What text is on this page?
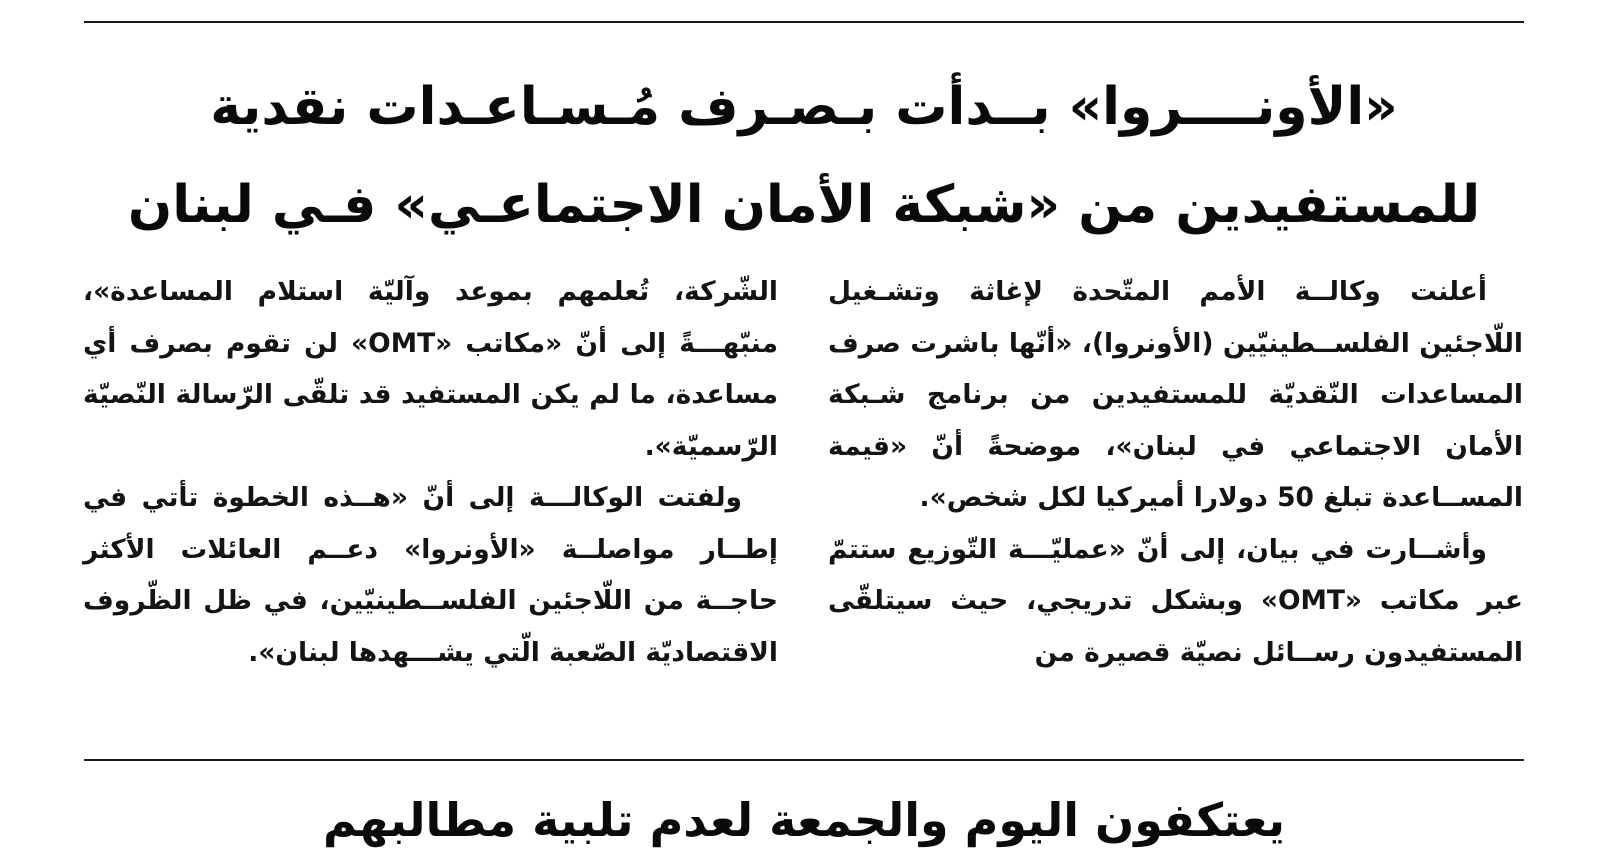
«الأونــــروا» بــدأت بـصـرف مُـسـاعـدات نقدية
للمستفيدين من «شبكة الأمان الاجتماعـي» فـي لبنان

أعلنت وكالــة الأمم المتّحدة لإغاثة وتشـغيل اللّاجئين الفلســطينيّين (الأونروا)، «أنّها باشرت صرف المساعدات النّقديّة للمستفيدين من برنامج شـبكة الأمان الاجتماعي في لبنان»، موضحةً أنّ «قيمة المســاعدة تبلغ 50 دولارا أميركيا لكل شخص».

وأشــارت في بيان، إلى أنّ «عمليّـــة التّوزيع ستتمّ عبر مكاتب «OMT» وبشكل تدريجي، حيث سيتلقّى المستفيدون رســائل نصيّة قصيرة من

الشّركة، تُعلمهم بموعد وآليّة استلام المساعدة»، منبّهـــةً إلى أنّ «مكاتب «OMT» لن تقوم بصرف أي مساعدة، ما لم يكن المستفيد قد تلقّى الرّسالة النّصيّة الرّسميّة».

ولفتت الوكالـــة إلى أنّ «هــذه الخطوة تأتي في إطــار مواصلــة «الأونروا» دعــم العائلات الأكثر حاجــة من اللّاجئين الفلســطينيّين، في ظل الظّروف الاقتصاديّة الصّعبة الّتي يشـــهدها لبنان».

يعتكفون اليوم والجمعة لعدم تلبية مطالبهم
